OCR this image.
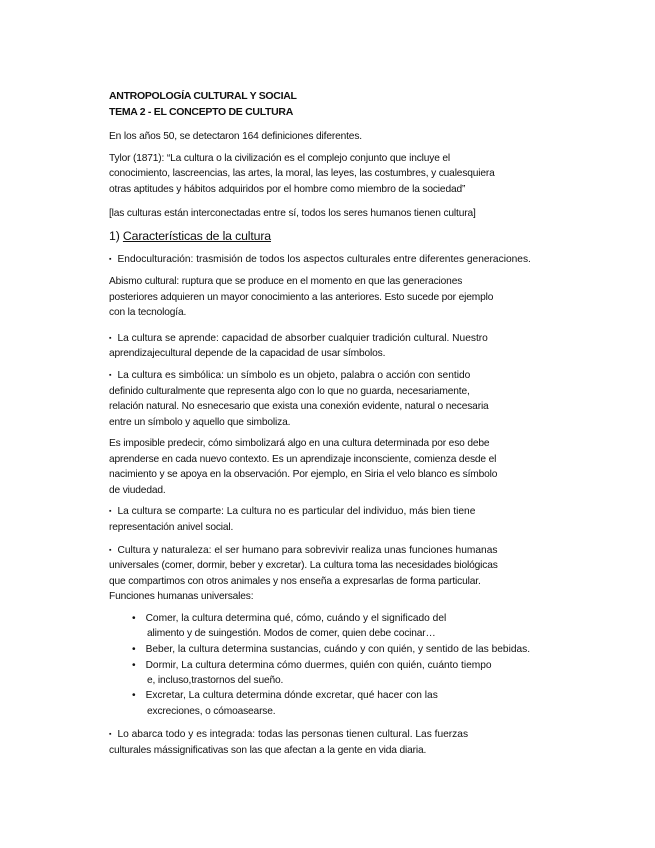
ANTROPOLOGÍA CULTURAL Y SOCIAL
TEMA 2 - EL CONCEPTO DE CULTURA
En los años 50, se detectaron 164 definiciones diferentes.
Tylor (1871): “La cultura o la civilización es el complejo conjunto que incluye el
conocimiento, lascreencias, las artes, la moral, las leyes, las costumbres, y cualesquiera
otras aptitudes y hábitos adquiridos por el hombre como miembro de la sociedad”
[las culturas están interconectadas entre sí, todos los seres humanos tienen cultura]
1) Características de la cultura
▪ Endoculturación: trasmisión de todos los aspectos culturales entre diferentes generaciones.
Abismo cultural: ruptura que se produce en el momento en que las generaciones
posteriores adquieren un mayor conocimiento a las anteriores. Esto sucede por ejemplo
con la tecnología.
▪ La cultura se aprende: capacidad de absorber cualquier tradición cultural. Nuestro
aprendizajecultural depende de la capacidad de usar símbolos.
▪ La cultura es simbólica: un símbolo es un objeto, palabra o acción con sentido
definido culturalmente que representa algo con lo que no guarda, necesariamente,
relación natural. No esnecesario que exista una conexión evidente, natural o necesaria
entre un símbolo y aquello que simboliza.
Es imposible predecir, cómo simbolizará algo en una cultura determinada por eso debe
aprenderse en cada nuevo contexto. Es un aprendizaje inconsciente, comienza desde el
nacimiento y se apoya en la observación. Por ejemplo, en Siria el velo blanco es símbolo
de viudedad.
▪ La cultura se comparte: La cultura no es particular del individuo, más bien tiene
representación anivel social.
▪ Cultura y naturaleza: el ser humano para sobrevivir realiza unas funciones humanas
universales (comer, dormir, beber y excretar). La cultura toma las necesidades biológicas
que compartimos con otros animales y nos enseña a expresarlas de forma particular.
Funciones humanas universales:
• Comer, la cultura determina qué, cómo, cuándo y el significado del
alimento y de suingestión. Modos de comer, quien debe cocinar…
• Beber, la cultura determina sustancias, cuándo y con quién, y sentido de las bebidas.
• Dormir, La cultura determina cómo duermes, quién con quién, cuánto tiempo
e, incluso,trastornos del sueño.
• Excretar, La cultura determina dónde excretar, qué hacer con las
excreciones, o cómoasearse.
▪ Lo abarca todo y es integrada: todas las personas tienen cultural. Las fuerzas
culturales mássignificativas son las que afectan a la gente en vida diaria.
